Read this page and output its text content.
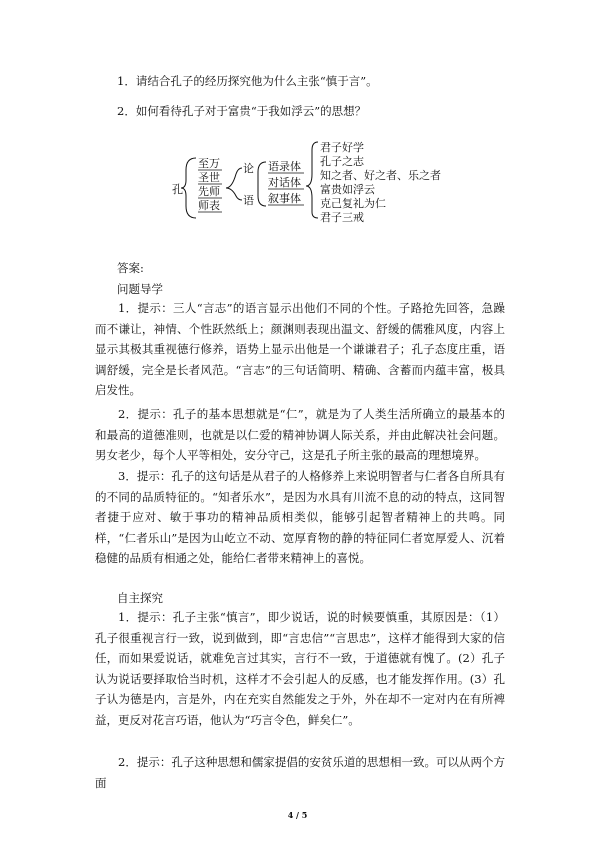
1．请结合孔子的经历探究他为什么主张“慎于言”。
2．如何看待孔子对于富贵“于我如浮云”的思想？
孔
至万
圣世
先师
师表
论
语
语录体
对话体
叙事体
君子好学
孔子之志
知之者、好之者、乐之者
富贵如浮云
克己复礼为仁
君子三戒
答案:
问题导学
1．提示：三人“言志”的语言显示出他们不同的个性。子路抢先回答，急躁而不谦让，神情、个性跃然纸上；颜渊则表现出温文、舒缓的儒雅风度，内容上显示其极其重视德行修养，语势上显示出他是一个谦谦君子；孔子态度庄重，语调舒缓，完全是长者风范。“言志”的三句话简明、精确、含蓄而内蕴丰富，极具启发性。
2．提示：孔子的基本思想就是“仁”，就是为了人类生活所确立的最基本的和最高的道德准则，也就是以仁爱的精神协调人际关系，并由此解决社会问题。男女老少，每个人平等相处，安分守己，这是孔子所主张的最高的理想境界。
3．提示：孔子的这句话是从君子的人格修养上来说明智者与仁者各自所具有的不同的品质特征的。“知者乐水”，是因为水具有川流不息的动的特点，这同智者捷于应对、敏于事功的精神品质相类似，能够引起智者精神上的共鸣。同样，“仁者乐山”是因为山屹立不动、宽厚育物的静的特征同仁者宽厚爱人、沉着稳健的品质有相通之处，能给仁者带来精神上的喜悦。
自主探究
1．提示：孔子主张“慎言”，即少说话，说的时候要慎重，其原因是：（1）孔子很重视言行一致，说到做到，即“言忠信”“言思忠”，这样才能得到大家的信任，而如果爱说话，就难免言过其实，言行不一致，于道德就有愧了。(2）孔子认为说话要择取恰当时机，这样才不会引起人的反感，也才能发挥作用。(3）孔子认为德是内，言是外，内在充实自然能发之于外，外在却不一定对内在有所裨益，更反对花言巧语，他认为“巧言令色，鲜矣仁”。
2．提示：孔子这种思想和儒家提倡的安贫乐道的思想相一致。可以从两个方面
4 / 5
